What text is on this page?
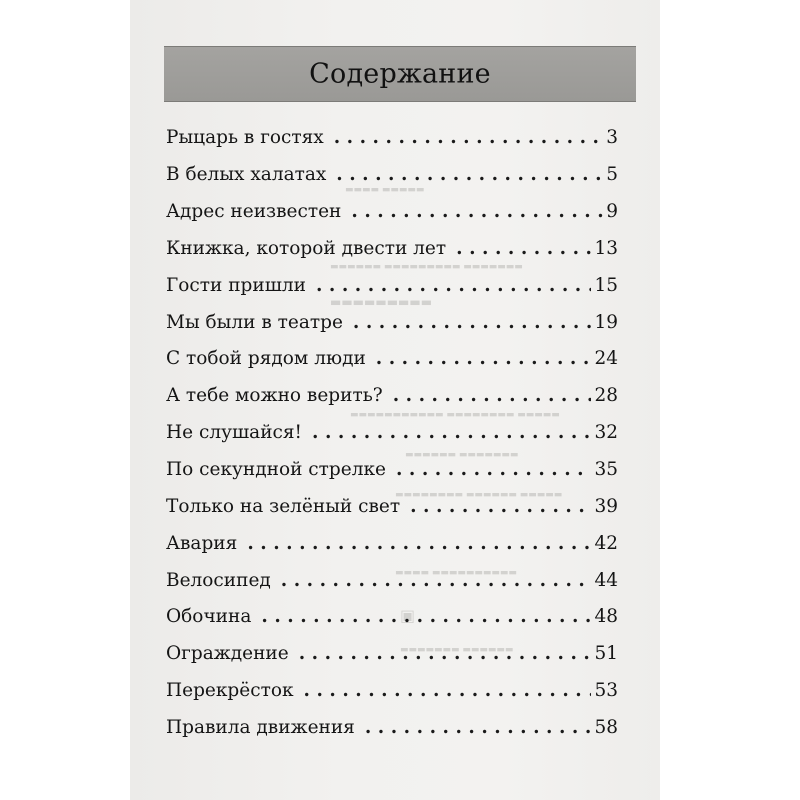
▬▬▬▬ ▬▬▬▬▬
▬▬▬▬▬▬ ▬▬▬▬▬▬▬▬▬ ▬▬▬▬▬▬▬
▬▬▬▬▬▬▬▬▬
▬▬▬▬▬▬▬▬▬▬▬ ▬▬▬▬▬▬▬▬ ▬▬▬▬▬
▬▬▬▬▬▬ ▬▬▬▬▬▬▬
▬▬▬▬▬▬▬▬ ▬▬▬▬▬▬ ▬▬▬▬▬
▬▬▬▬ ▬▬▬▬▬▬▬▬▬▬
▣
▬▬▬▬▬▬▬ ▬▬▬▬▬▬
Содержание
Рыцарь в гостях .....	3
В белых халатах .....	5
Адрес неизвестен .....	9
Книжка, которой двести лет .....	13
Гости пришли .....	15
Мы были в театре .....	19
С тобой рядом люди .....	24
А тебе можно верить? .....	28
Не слушайся! .....	32
По секундной стрелке .....	35
Только на зелёный свет .....	39
Авария .....	42
Велосипед .....	44
Обочина .....	48
Ограждение .....	51
Перекрёсток .....	53
Правила движения .....	58
